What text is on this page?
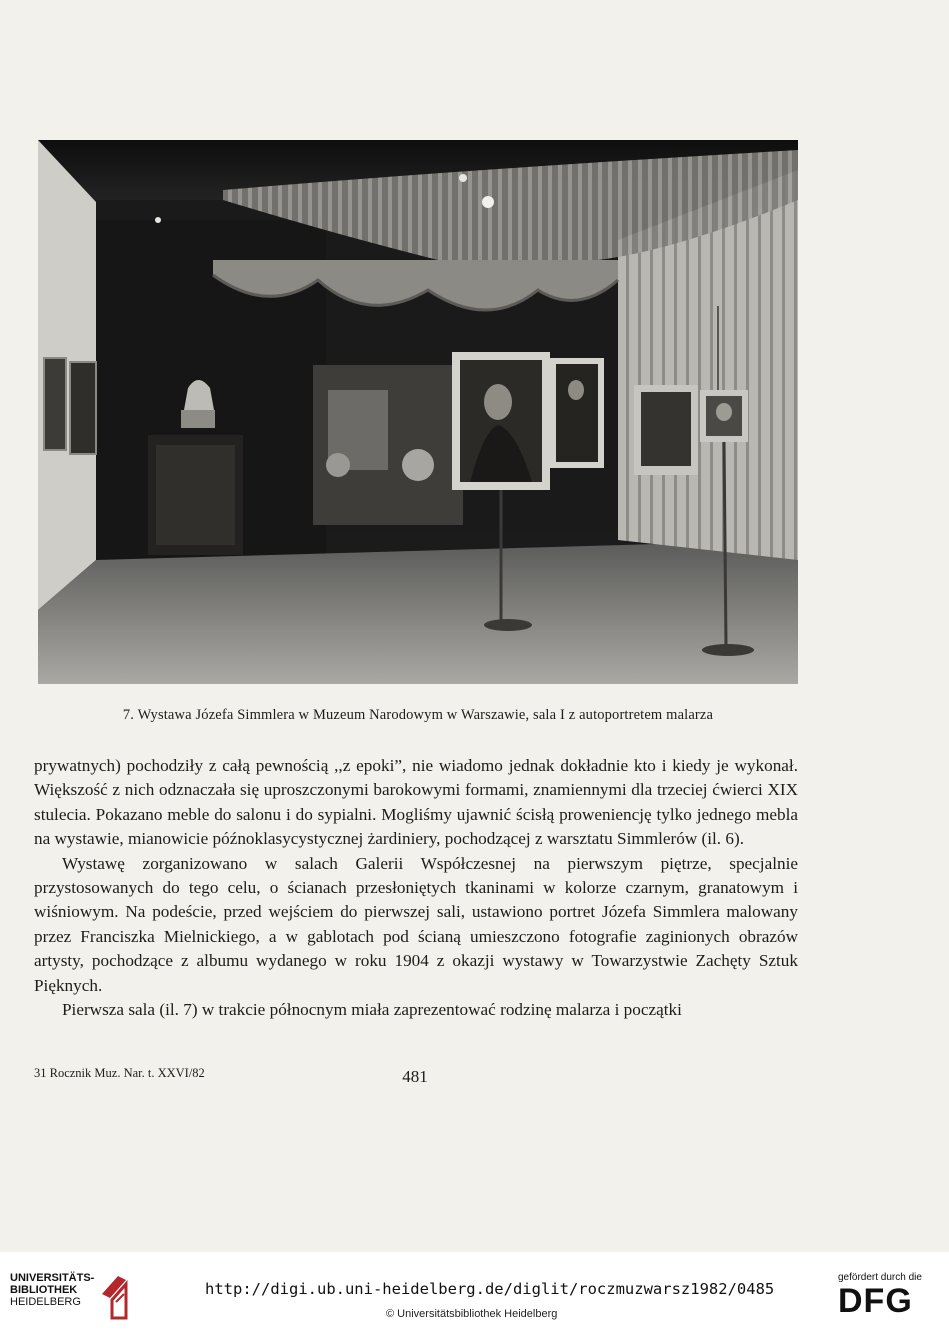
7. Wystawa Józefa Simmlera w Muzeum Narodowym w Warszawie, sala I z autoportretem malarza

prywatnych) pochodziły z całą pewnością ,,z epoki”, nie wiadomo jednak dokładnie kto i kiedy je wykonał. Większość z nich odznaczała się uproszczonymi barokowymi formami, znamiennymi dla trzeciej ćwierci XIX stulecia. Pokazano meble do salonu i do sypialni. Mogliśmy ujawnić ścisłą proweniencję tylko jednego mebla na wystawie, mianowicie późnoklasycystycznej żardiniery, pochodzącej z warsztatu Simmlerów (il. 6).

Wystawę zorganizowano w salach Galerii Współczesnej na pierwszym piętrze, specjalnie przystosowanych do tego celu, o ścianach przesłoniętych tkaninami w kolorze czarnym, granatowym i wiśniowym. Na podeście, przed wejściem do pierwszej sali, ustawiono portret Józefa Simmlera malowany przez Franciszka Mielnickiego, a w gablotach pod ścianą umieszczono fotografie zaginionych obrazów artysty, pochodzące z albumu wydanego w roku 1904 z okazji wystawy w Towarzystwie Zachęty Sztuk Pięknych.

Pierwsza sala (il. 7) w trakcie północnym miała zaprezentować rodzinę malarza i początki

31 Rocznik Muz. Nar. t. XXVI/82	481
UNIVERSITÄTS-
BIBLIOTHEK
HEIDELBERG
http://digi.ub.uni-heidelberg.de/diglit/roczmuzwarsz1982/0485
© Universitätsbibliothek Heidelberg
gefördert durch die
DFG
